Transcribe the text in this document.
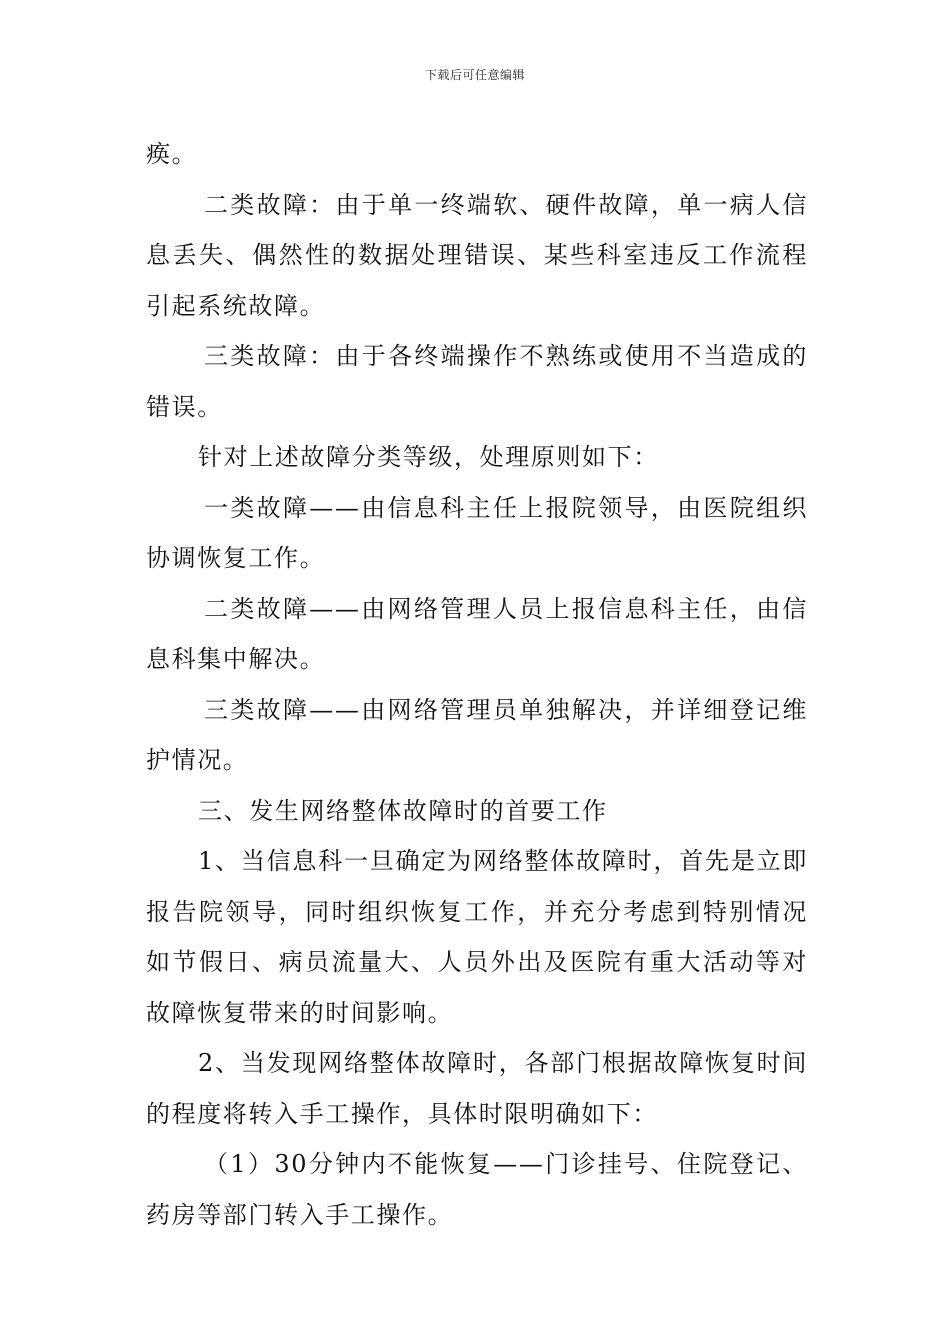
下载后可任意编辑

痪。

二类故障：由于单一终端软、硬件故障，单一病人信息丢失、偶然性的数据处理错误、某些科室违反工作流程引起系统故障。

三类故障：由于各终端操作不熟练或使用不当造成的错误。

针对上述故障分类等级，处理原则如下：

一类故障——由信息科主任上报院领导，由医院组织协调恢复工作。

二类故障——由网络管理人员上报信息科主任，由信息科集中解决。

三类故障——由网络管理员单独解决，并详细登记维护情况。

三、发生网络整体故障时的首要工作

1、当信息科一旦确定为网络整体故障时，首先是立即报告院领导，同时组织恢复工作，并充分考虑到特别情况如节假日、病员流量大、人员外出及医院有重大活动等对故障恢复带来的时间影响。

2、当发现网络整体故障时，各部门根据故障恢复时间的程度将转入手工操作，具体时限明确如下：

（1）30分钟内不能恢复——门诊挂号、住院登记、药房等部门转入手工操作。
